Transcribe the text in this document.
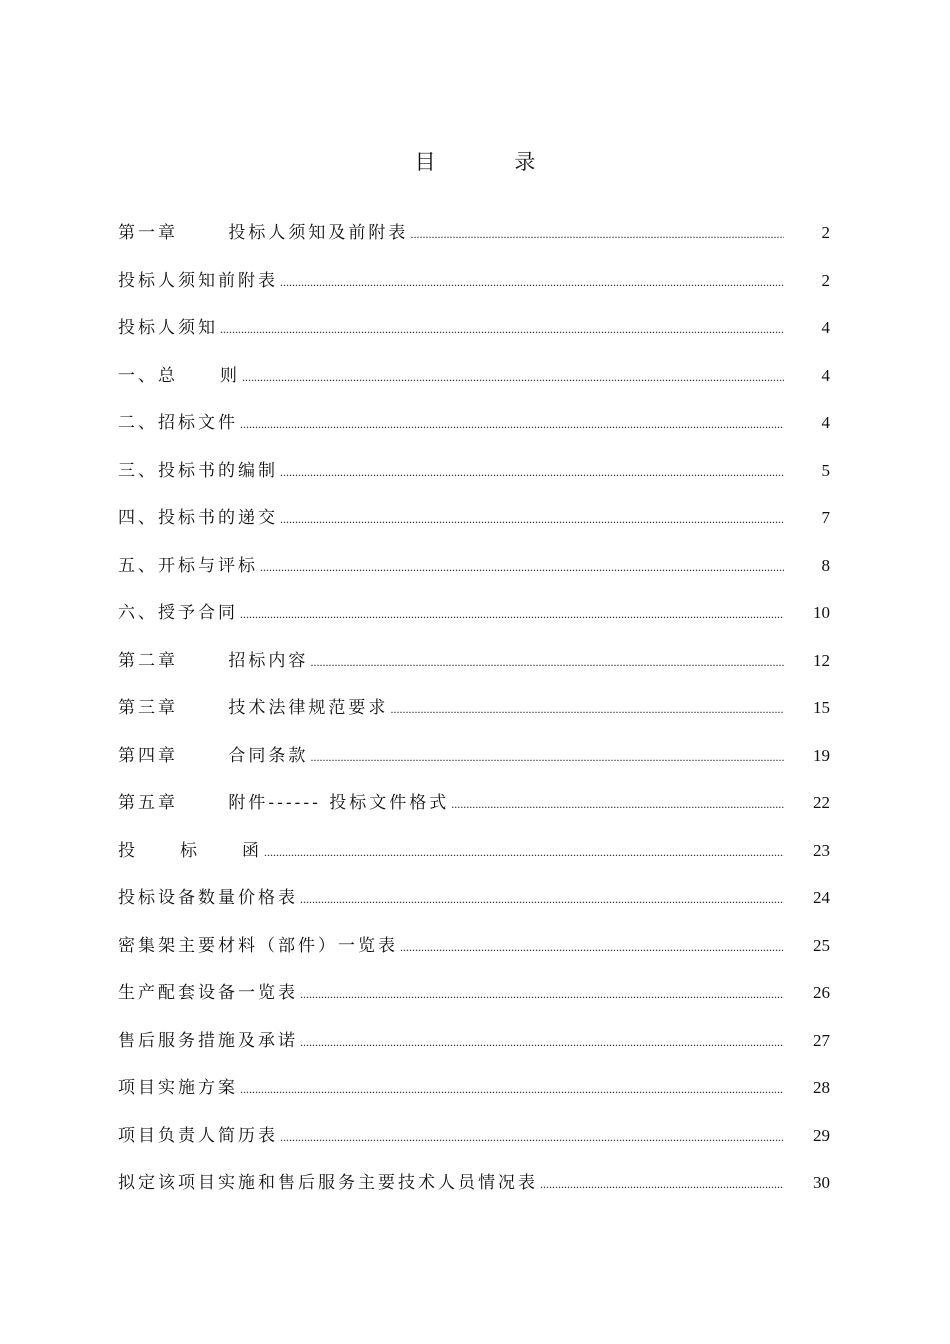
目 录
第一章      投标人须知及前附表 .....	2
投标人须知前附表 .....	2
投标人须知 .....	4
一、总     则 .....	4
二、招标文件 .....	4
三、投标书的编制 .....	5
四、投标书的递交 .....	7
五、开标与评标 .....	8
六、授予合同 .....	10
第二章      招标内容 .....	12
第三章      技术法律规范要求 .....	15
第四章      合同条款 .....	19
第五章      附件------ 投标文件格式 .....	22
投     标     函 .....	23
投标设备数量价格表 .....	24
密集架主要材料（部件）一览表 .....	25
生产配套设备一览表 .....	26
售后服务措施及承诺 .....	27
项目实施方案 .....	28
项目负责人简历表 .....	29
拟定该项目实施和售后服务主要技术人员情况表 .....	30
